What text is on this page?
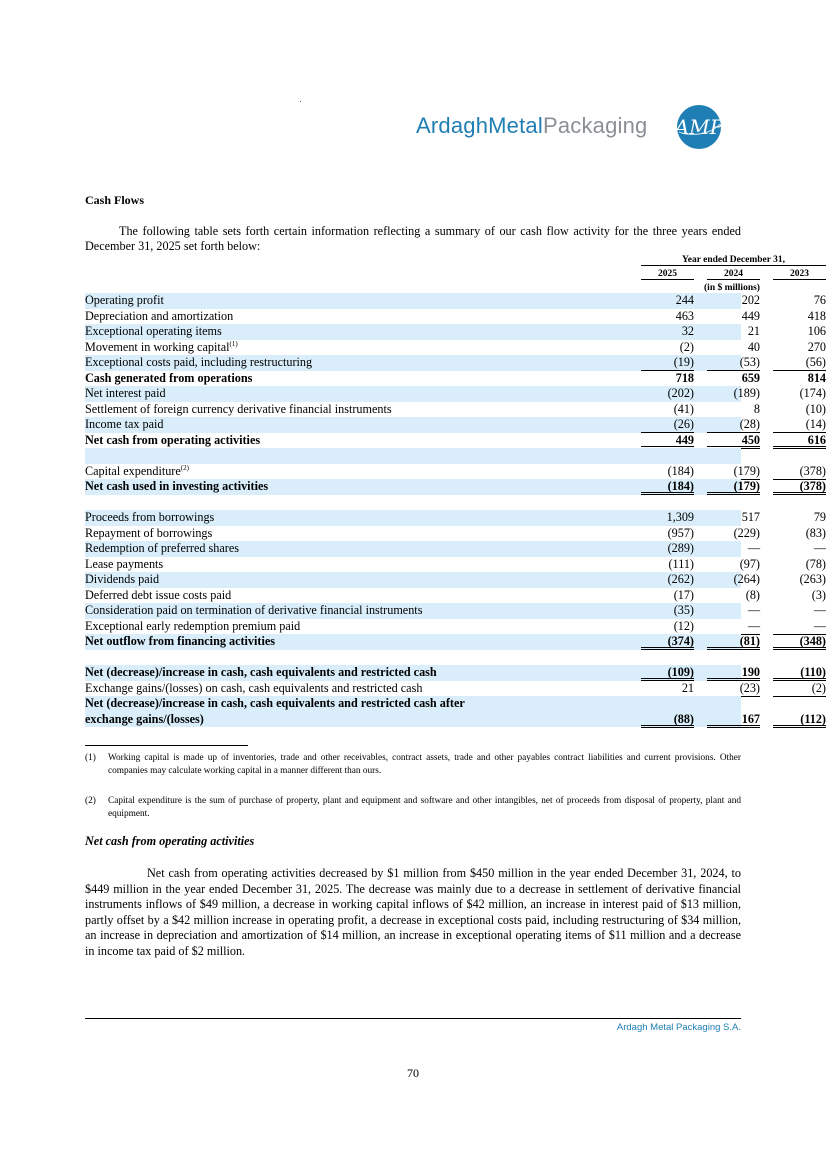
ArdaghMetalPackaging AMP
Cash Flows
The following table sets forth certain information reflecting a summary of our cash flow activity for the three years ended December 31, 2025 set forth below:
Year ended December 31,
2025	2024	2023
(in $ millions)
Operating profit	244	202	76
Depreciation and amortization	463	449	418
Exceptional operating items	32	21	106
Movement in working capital$^{(1)}$	(2)	40	270
Exceptional costs paid, including restructuring	(19)	(53)	(56)
Cash generated from operations	718	659	814
Net interest paid	(202)	(189)	(174)
Settlement of foreign currency derivative financial instruments	(41)	8	(10)
Income tax paid	(26)	(28)	(14)
Net cash from operating activities	449	450	616
Capital expenditure$^{(2)}$	(184)	(179)	(378)
Net cash used in investing activities	(184)	(179)	(378)
Proceeds from borrowings	1,309	517	79
Repayment of borrowings	(957)	(229)	(83)
Redemption of preferred shares	(289)	—	—
Lease payments	(111)	(97)	(78)
Dividends paid	(262)	(264)	(263)
Deferred debt issue costs paid	(17)	(8)	(3)
Consideration paid on termination of derivative financial instruments	(35)	—	—
Exceptional early redemption premium paid	(12)	—	—
Net outflow from financing activities	(374)	(81)	(348)
Net (decrease)/increase in cash, cash equivalents and restricted cash	(109)	190	(110)
Exchange gains/(losses) on cash, cash equivalents and restricted cash	21	(23)	(2)
Net (decrease)/increase in cash, cash equivalents and restricted cash after
exchange gains/(losses)	(88)	167	(112)
(1) Working capital is made up of inventories, trade and other receivables, contract assets, trade and other payables contract liabilities and current provisions. Other companies may calculate working capital in a manner different than ours.
(2) Capital expenditure is the sum of purchase of property, plant and equipment and software and other intangibles, net of proceeds from disposal of property, plant and equipment.
Net cash from operating activities
Net cash from operating activities decreased by $1 million from $450 million in the year ended December 31, 2024, to $449 million in the year ended December 31, 2025. The decrease was mainly due to a decrease in settlement of derivative financial instruments inflows of $49 million, a decrease in working capital inflows of $42 million, an increase in interest paid of $13 million, partly offset by a $42 million increase in operating profit, a decrease in exceptional costs paid, including restructuring of $34 million, an increase in depreciation and amortization of $14 million, an increase in exceptional operating items of $11 million and a decrease in income tax paid of $2 million.
Ardagh Metal Packaging S.A.
70
